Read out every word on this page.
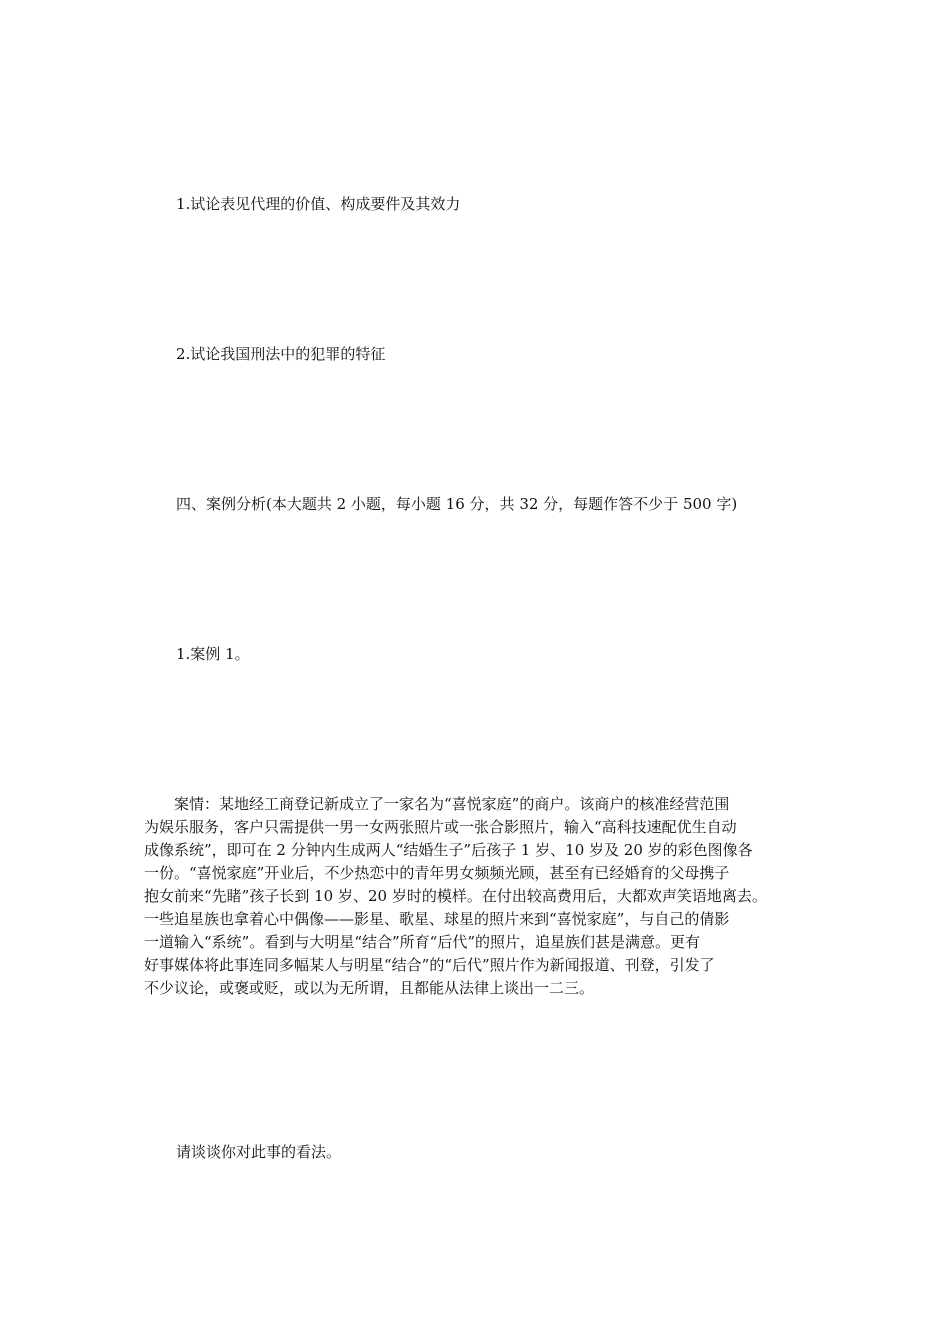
1.试论表见代理的价值、构成要件及其效力
2.试论我国刑法中的犯罪的特征
四、案例分析(本大题共 2 小题，每小题 16 分，共 32 分，每题作答不少于 500 字)
1.案例 1。
　　案情：某地经工商登记新成立了一家名为“喜悦家庭”的商户。该商户的核准经营范围
为娱乐服务，客户只需提供一男一女两张照片或一张合影照片，输入“高科技速配优生自动
成像系统”，即可在 2 分钟内生成两人“结婚生子”后孩子 1 岁、10 岁及 20 岁的彩色图像各
一份。“喜悦家庭”开业后，不少热恋中的青年男女频频光顾，甚至有已经婚育的父母携子
抱女前来“先睹”孩子长到 10 岁、20 岁时的模样。在付出较高费用后，大都欢声笑语地离去。
一些追星族也拿着心中偶像——影星、歌星、球星的照片来到“喜悦家庭”，与自己的倩影
一道输入“系统”。看到与大明星“结合”所育“后代”的照片，追星族们甚是满意。更有
好事媒体将此事连同多幅某人与明星“结合”的“后代”照片作为新闻报道、刊登，引发了
不少议论，或褒或贬，或以为无所谓，且都能从法律上谈出一二三。
请谈谈你对此事的看法。
